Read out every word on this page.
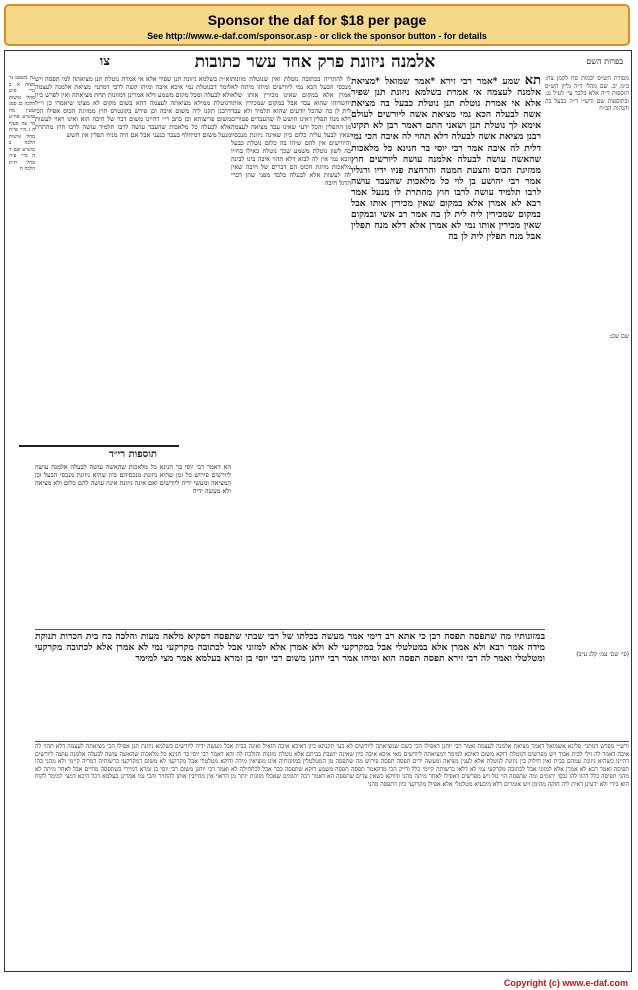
Sponsor the daf for $18 per page
See http://www.e-daf.com/sponsor.asp - or click the sponsor button - for details
אלמנה ניזונת פרק אחד עשר כתובות
צו	בפרות השם
מסורת הש״ס יבמות סח לקמן צח: ב״מ יב. שם מהל׳ ד״ה גליון הש״ס תוספות ד״ה אלא בלבד עי׳ לעיל נג: ובתוספות שם ורש״י ד״ה כבעל בה והגהות הב״ח
שם שם:
תא שמע *אמר רבי זירא *אמר שמואל *מציאת אלמנה לעצמה אי אמרת בשלמא ניזונת תנן שפיר אלא אי אמרת נוטלת תנן נוטלת כבעל בה מציאת אשה לבעלה הכא נמי מציאת אשה ליורשים לעולם אימא לך נוטלת תנן ושאני התם דאמר רבן לא תקינו רבנן מציאת אשה לבעלה דלא תהוי לה איבה הכי נמי דלית לה איבה אמר רבי יוסי בר חנינא כל מלאכות שהאשה עושה לבעלה אלמנה עושה ליורשים חוץ ממזיגת הכוס והצעת המטה והרחצת פניו ידיו ורגליו אמר רבי יהושע בן לוי כל מלאכות שהעבד עושה לרבו תלמיד עושה לרבו חוץ מהתרת לו מנעל אמר רבא לא אמרן אלא במקום שאין מכירין אותו אבל במקום שמכירין ליה לית לן בה אמר רב אשי ובמקום שאין מכירין אותו נמי לא אמרן אלא דלא מנח תפלין אבל מנח תפלין לית לן בה
לו להתריה בכתובה נוטלת ואין שנוטלת מזונות מנכסי הבעל הכא נמי ליורשים ומיהו מיתה לא אמרן אלא במקום שאינו מכירין אותו שלא יחשדוהו שהוא עבד אבל במקום שמכירין אותו לית לן בה שהכל יודעים שהוא תלמיד ולא עבד דלא מנח תפלין דאינו חושש לו שהעבדים פטורים מן התפלין והכל ידעי שאינו עבד מציאה לעצמה שאין לבעל עליה כלום כיון שאינה ניזונת מנכסיו והיורשים אין להם שיהו בה כלום נוטלת כבעל בה לשון נוטלת משמע שכך נוטלת כאילו בחייו הכא נמי אין לה לבוא דלא תהוי איבה בינו לבינה מלאכות מזיגת הכוס הם דברים של חיבה שאין לה לעשות אלא לבעלה בלבד מפני שהן דברי הרגל חיבה
וא״ת בשלמא ניזונת תנן שפיר אלא אי אמרת נוטלת תנן מציאתה למי תפסה ויש לומר דבנוטלת נמי איכא איבה ומיהו קשה לרבי דמתני׳ מציאת אלמנה לעצמה ולא לבעלה ומכל מקום משמע דלא אמרינן דמזונות תחת מציאתה ואין לפרש כיון דנוטלת ממילא מציאתה לעצמה דהא בשום מקום לא מצינו שיאמרו כן וי״ל דרבנן תקנו ליה משום איבה וכן פירש בקונטרס חוץ ממזיגת הכוס אפילו הכי משום פריצותא וכן כתב ר״י דהיינו משום דבר של חיבה הוא ואינו ראוי לעשות אלא לבעלה כל מלאכות שהעבד עושה לרבו תלמיד עושה לרבו חוץ מהתרת מנעל משום דמיחלף בעבד כנעני אבל אם היה מניח תפלין אין חשש
תוספות רי״ד
הא דאמר רבי יוסי בר חנינא כל מלאכות שהאשה עושה לבעלה אלמנה עושה ליורשים פירוש כל זמן שהיא ניזונת מנכסיהם כיון שהיא ניזונת מנכסי הבעל וכן המציאה ומעשי ידיה ליורשים ואם אינה ניזונת אינה עושה להם כלום ולא מציאה ולא מעשה ידיה
עין משפט נר מצוה א ב מיי׳ פ״ט מהל׳ אישות הלכה כג סמג עשין מח טוש״ע אה״ע סי׳ צה סעיף ה ג מיי׳ פי״ח מהל׳ אישות הלכה ב טוש״ע שם ד ה מיי׳ פ״ה מהל׳ ת״ת הלכה ח
במזונותיו מה שתפסה תפסה רבן כי אתא רב דימי אמר מעשה בכלתו של רבי שבתי שתפסה דסקיא מלאה מעות והלכה כח בית הכרות תנוקת מידה אמר רבא ולא אמרן אלא במטלטלי אבל במקרקעי לא ולא אמרן אלא למזוני אבל לכתובה מקרקעי נמי לא אמרן אלא לכתובה מקרקעי ומטלטלי ואמר לה רבי זירא תפסה תפסה הוא ומיהו אמר רבי יוחנן משום רבי יוסי בן זמרא בעלמא אמר מצי למימר	(פי׳ שם׳ עמ׳ קלג ע״ב)
ורש״י מפרש דמתני׳ פליגא אשמואל דאמר מציאת אלמנה לעצמה ואמר רבי יוחנן דאפילו הכי כשם שמציאתה ליורשים לא בעי תקנתא כיון דאיכא איבה הואיל ואינה בבית אבל מעשה ידיה ליורשים בשלמא ניזונת תנן אפילו הכי מציאתה לעצמה דלא תהוי לה איבה דאמר לה זילי לבית אבוך ויש מפרשים דנוטלת דוקא משום דאיכא למימר דמציאתה ליורשים מאי איכא איבה כיון שאינה יושבת בביתם אלא נוטלת מזונות והולכת לה והא דאמר רבי יוסי בר חנינא כל מלאכות שהאשה עושה לבעלה אלמנה עושה ליורשים דהיינו כשהיא ניזונת עמהם בבית ואין חילוק בין ניזונת לנוטלת אלא לענין מציאה ומעשה ידים תפסה תפסה פירוש מה שתפסה מן המטלטלין במזונותיה אינו מוציאין מידה ודוקא מטלטלי אבל מקרקעי לא משום דמקרקעי ברשותיה דמריה קיימי ולא מהני בהו תפיסה ואמר רבא לא אמרן אלא למזוני אבל לכתובה מקרקעי נמי לא דלאו ברשותה קיימי כלל ודייק הכי מדקאמר תפסה תפסה משמע דוקא שתפסה כבר אבל לכתחילה לא ואמר רבי יוחנן משום רבי יוסי בן זמרא דמיירי בשתפסה מחיים אבל לאחר מיתה לא מהני תפיסה כלל דהוו להו נכסי יתומים ומה שתפסה הוי גזל ויש מפרשים דאפילו לאחר מיתה מהני ודווקא כשאין עדים שתפסה הא דאמר רבה יתומים שאכלו מזונות יותר מן הראוי אין מחייבין אותן להחזיר והכי נמי אמרינן בעלמא דכל היכא דמצי למימר לקוח הוא בידי ולא ידעינן דאית ליה חזקה מהימן ויש אומרים דלא מיבעיא מטלטלי אלא אפילו מקרקעי כיון דתפסה מהני
Copyright (c) www.e-daf.com
